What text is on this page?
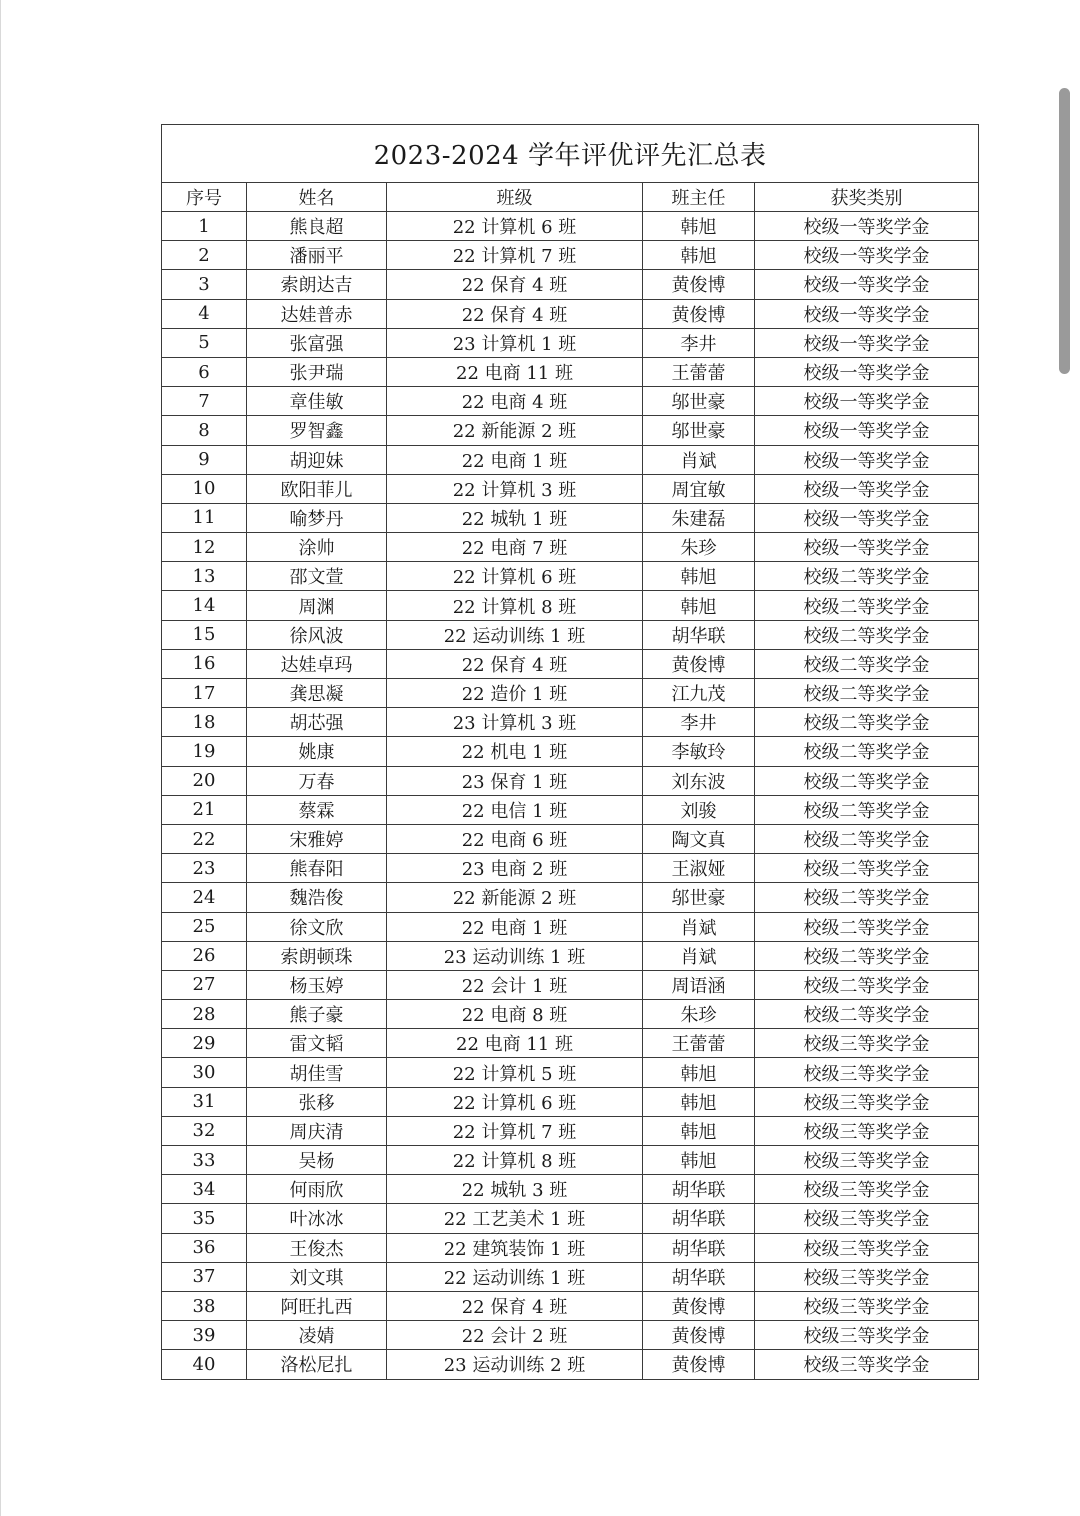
2023-2024 学年评优评先汇总表				
序号	姓名	班级	班主任	获奖类别
1	熊良超	22 计算机 6 班	韩旭	校级一等奖学金
2	潘丽平	22 计算机 7 班	韩旭	校级一等奖学金
3	索朗达吉	22 保育 4 班	黄俊博	校级一等奖学金
4	达娃普赤	22 保育 4 班	黄俊博	校级一等奖学金
5	张富强	23 计算机 1 班	李井	校级一等奖学金
6	张尹瑞	22 电商 11 班	王蕾蕾	校级一等奖学金
7	章佳敏	22 电商 4 班	邬世豪	校级一等奖学金
8	罗智鑫	22 新能源 2 班	邬世豪	校级一等奖学金
9	胡迎妹	22 电商 1 班	肖斌	校级一等奖学金
10	欧阳菲儿	22 计算机 3 班	周宜敏	校级一等奖学金
11	喻梦丹	22 城轨 1 班	朱建磊	校级一等奖学金
12	涂帅	22 电商 7 班	朱珍	校级一等奖学金
13	邵文萱	22 计算机 6 班	韩旭	校级二等奖学金
14	周渊	22 计算机 8 班	韩旭	校级二等奖学金
15	徐风波	22 运动训练 1 班	胡华联	校级二等奖学金
16	达娃卓玛	22 保育 4 班	黄俊博	校级二等奖学金
17	龚思凝	22 造价 1 班	江九茂	校级二等奖学金
18	胡芯强	23 计算机 3 班	李井	校级二等奖学金
19	姚康	22 机电 1 班	李敏玲	校级二等奖学金
20	万春	23 保育 1 班	刘东波	校级二等奖学金
21	蔡霖	22 电信 1 班	刘骏	校级二等奖学金
22	宋雅婷	22 电商 6 班	陶文真	校级二等奖学金
23	熊春阳	23 电商 2 班	王淑娅	校级二等奖学金
24	魏浩俊	22 新能源 2 班	邬世豪	校级二等奖学金
25	徐文欣	22 电商 1 班	肖斌	校级二等奖学金
26	索朗顿珠	23 运动训练 1 班	肖斌	校级二等奖学金
27	杨玉婷	22 会计 1 班	周语涵	校级二等奖学金
28	熊子豪	22 电商 8 班	朱珍	校级二等奖学金
29	雷文韬	22 电商 11 班	王蕾蕾	校级三等奖学金
30	胡佳雪	22 计算机 5 班	韩旭	校级三等奖学金
31	张移	22 计算机 6 班	韩旭	校级三等奖学金
32	周庆清	22 计算机 7 班	韩旭	校级三等奖学金
33	吴杨	22 计算机 8 班	韩旭	校级三等奖学金
34	何雨欣	22 城轨 3 班	胡华联	校级三等奖学金
35	叶冰冰	22 工艺美术 1 班	胡华联	校级三等奖学金
36	王俊杰	22 建筑装饰 1 班	胡华联	校级三等奖学金
37	刘文琪	22 运动训练 1 班	胡华联	校级三等奖学金
38	阿旺扎西	22 保育 4 班	黄俊博	校级三等奖学金
39	凌婧	22 会计 2 班	黄俊博	校级三等奖学金
40	洛松尼扎	23 运动训练 2 班	黄俊博	校级三等奖学金
